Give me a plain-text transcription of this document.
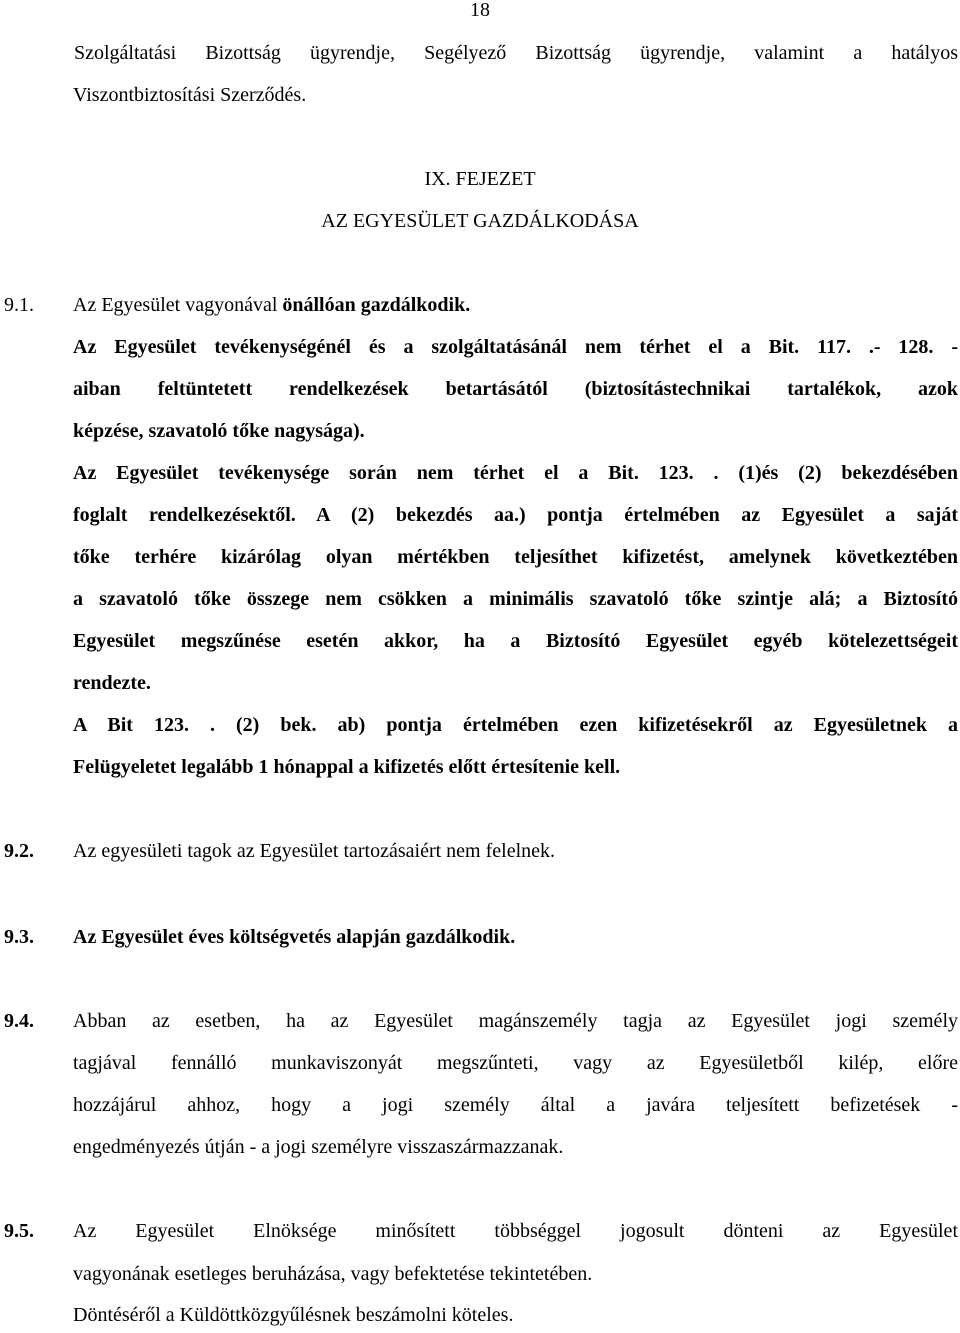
18
Szolgáltatási Bizottság ügyrendje, Segélyező Bizottság ügyrendje, valamint a hatályos
Viszontbiztosítási Szerződés.
IX. FEJEZET
AZ EGYESÜLET GAZDÁLKODÁSA
9.1. Az Egyesület vagyonával önállóan gazdálkodik.
Az Egyesület tevékenységénél és a szolgáltatásánál nem térhet el a Bit. 117. .- 128. -
aiban feltüntetett rendelkezések betartásától (biztosítástechnikai tartalékok, azok
képzése, szavatoló tőke nagysága).
Az Egyesület tevékenysége során nem térhet el a Bit. 123. . (1)és (2) bekezdésében
foglalt rendelkezésektől. A (2) bekezdés aa.) pontja értelmében az Egyesület a saját
tőke terhére kizárólag olyan mértékben teljesíthet kifizetést, amelynek következtében
a szavatoló tőke összege nem csökken a minimális szavatoló tőke szintje alá; a Biztosító
Egyesület megszűnése esetén akkor, ha a Biztosító Egyesület egyéb kötelezettségeit
rendezte.
A Bit 123. . (2) bek. ab) pontja értelmében ezen kifizetésekről az Egyesületnek a
Felügyeletet legalább 1 hónappal a kifizetés előtt értesítenie kell.
9.2. Az egyesületi tagok az Egyesület tartozásaiért nem felelnek.
9.3. Az Egyesület éves költségvetés alapján gazdálkodik.
9.4. Abban az esetben, ha az Egyesület magánszemély tagja az Egyesület jogi személy
tagjával fennálló munkaviszonyát megszűnteti, vagy az Egyesületből kilép, előre
hozzájárul ahhoz, hogy a jogi személy által a javára teljesített befizetések -
engedményezés útján - a jogi személyre visszaszármazzanak.
9.5. Az Egyesület Elnöksége minősített többséggel jogosult dönteni az Egyesület
vagyonának esetleges beruházása, vagy befektetése tekintetében.
Döntéséről a Küldöttközgyűlésnek beszámolni köteles.
